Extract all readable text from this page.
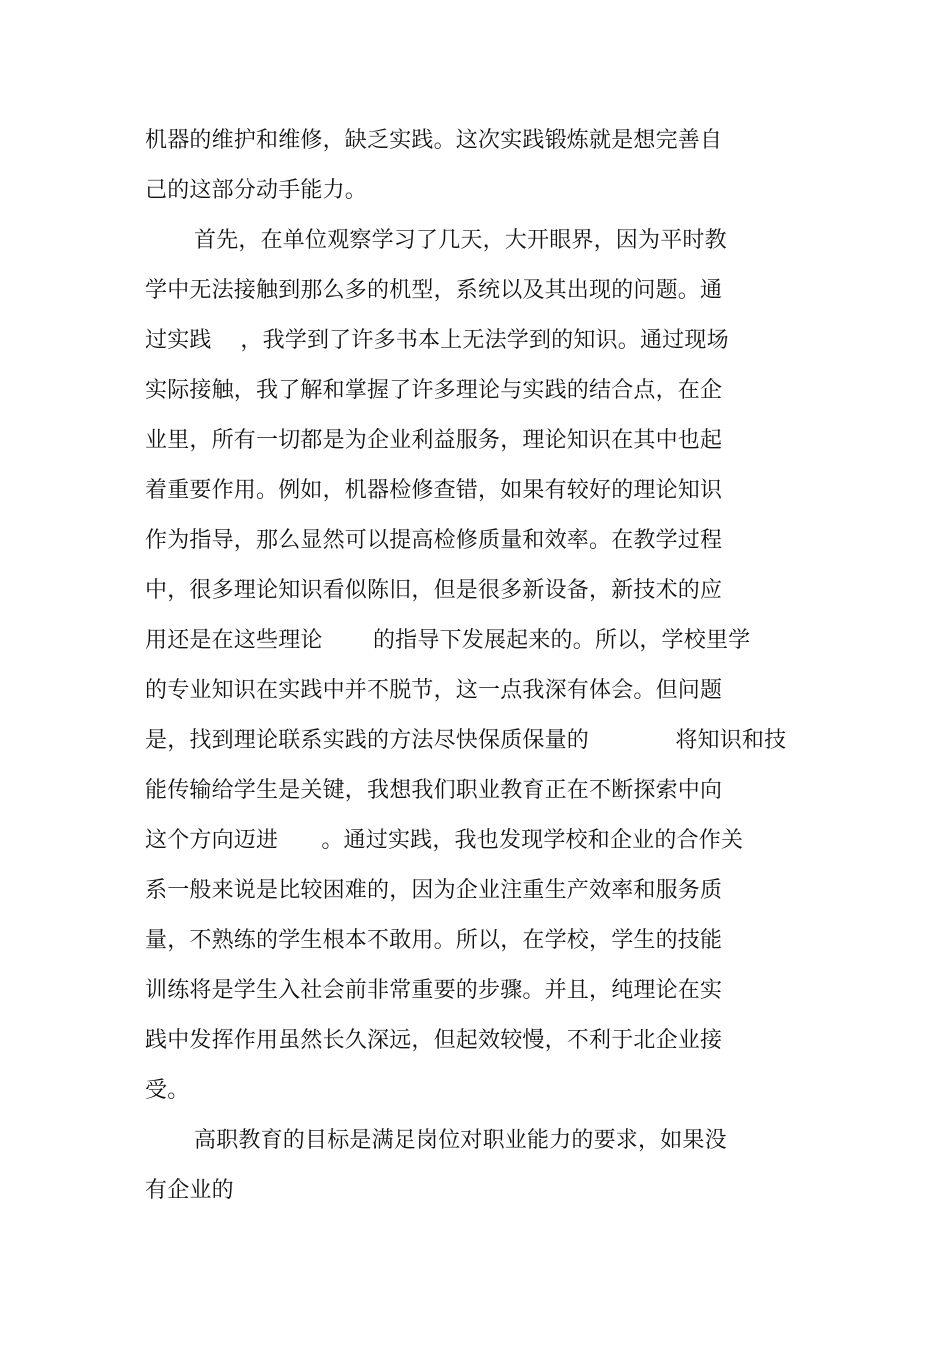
机器的维护和维修，缺乏实践。这次实践锻炼就是想完善自
己的这部分动手能力。
首先，在单位观察学习了几天，大开眼界，因为平时教
学中无法接触到那么多的机型，系统以及其出现的问题。通
过实践    ，我学到了许多书本上无法学到的知识。通过现场
实际接触，我了解和掌握了许多理论与实践的结合点，在企
业里，所有一切都是为企业利益服务，理论知识在其中也起
着重要作用。例如，机器检修查错，如果有较好的理论知识
作为指导，那么显然可以提高检修质量和效率。在教学过程
中，很多理论知识看似陈旧，但是很多新设备，新技术的应
用还是在这些理论       的指导下发展起来的。所以，学校里学
的专业知识在实践中并不脱节，这一点我深有体会。但问题
是，找到理论联系实践的方法尽快保质保量的            将知识和技
能传输给学生是关键，我想我们职业教育正在不断探索中向
这个方向迈进      。通过实践，我也发现学校和企业的合作关
系一般来说是比较困难的，因为企业注重生产效率和服务质
量，不熟练的学生根本不敢用。所以，在学校，学生的技能
训练将是学生入社会前非常重要的步骤。并且，纯理论在实
践中发挥作用虽然长久深远，但起效较慢，不利于北企业接
受。
高职教育的目标是满足岗位对职业能力的要求，如果没
有企业的
